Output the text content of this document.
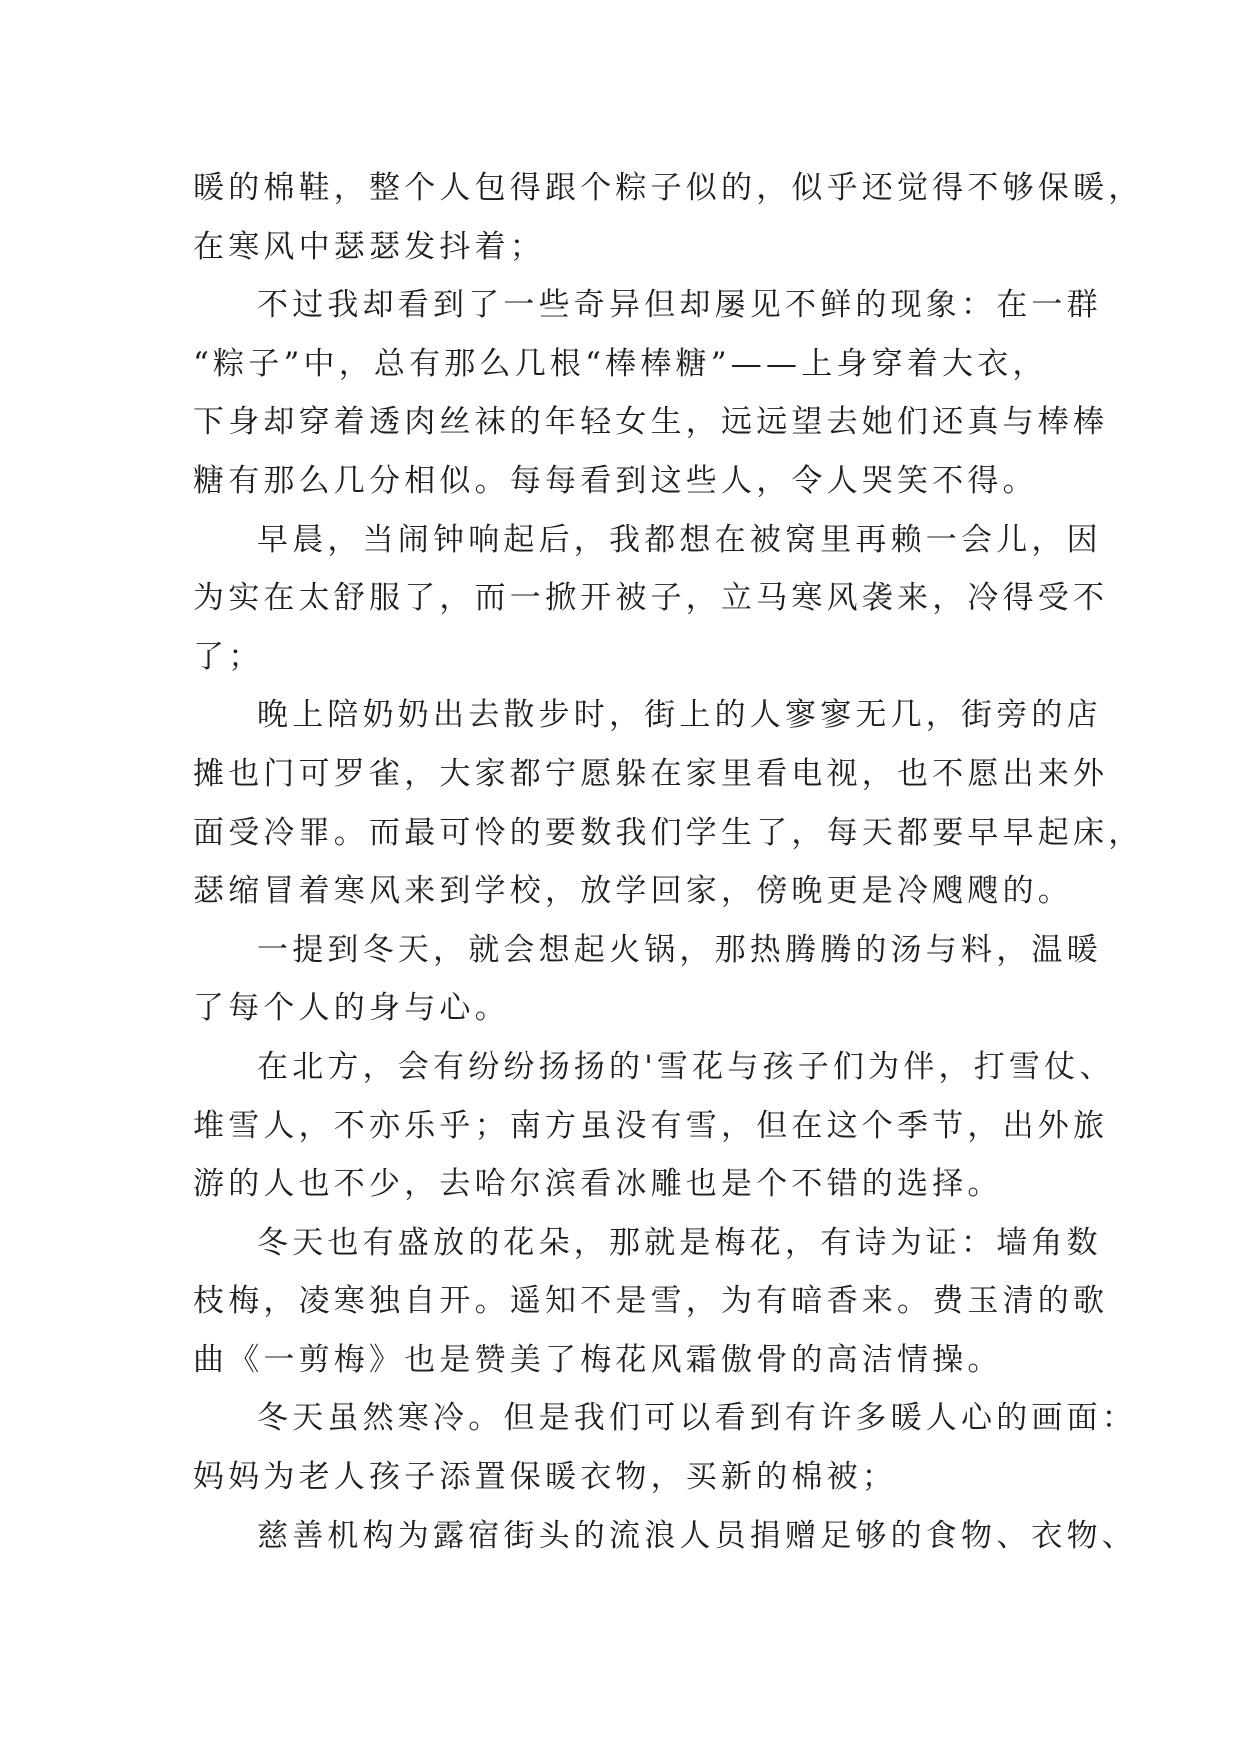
暖的棉鞋，整个人包得跟个粽子似的，似乎还觉得不够保暖，
在寒风中瑟瑟发抖着；
不过我却看到了一些奇异但却屡见不鲜的现象：在一群
“粽子”中，总有那么几根“棒棒糖”——上身穿着大衣，
下身却穿着透肉丝袜的年轻女生，远远望去她们还真与棒棒
糖有那么几分相似。每每看到这些人，令人哭笑不得。
早晨，当闹钟响起后，我都想在被窝里再赖一会儿，因
为实在太舒服了，而一掀开被子，立马寒风袭来，冷得受不
了；
晚上陪奶奶出去散步时，街上的人寥寥无几，街旁的店
摊也门可罗雀，大家都宁愿躲在家里看电视，也不愿出来外
面受冷罪。而最可怜的要数我们学生了，每天都要早早起床，
瑟缩冒着寒风来到学校，放学回家，傍晚更是冷飕飕的。
一提到冬天，就会想起火锅，那热腾腾的汤与料，温暖
了每个人的身与心。
在北方，会有纷纷扬扬的'雪花与孩子们为伴，打雪仗、
堆雪人，不亦乐乎；南方虽没有雪，但在这个季节，出外旅
游的人也不少，去哈尔滨看冰雕也是个不错的选择。
冬天也有盛放的花朵，那就是梅花，有诗为证：墙角数
枝梅，凌寒独自开。遥知不是雪，为有暗香来。费玉清的歌
曲《一剪梅》也是赞美了梅花风霜傲骨的高洁情操。
冬天虽然寒冷。但是我们可以看到有许多暖人心的画面：
妈妈为老人孩子添置保暖衣物，买新的棉被；
慈善机构为露宿街头的流浪人员捐赠足够的食物、衣物、
